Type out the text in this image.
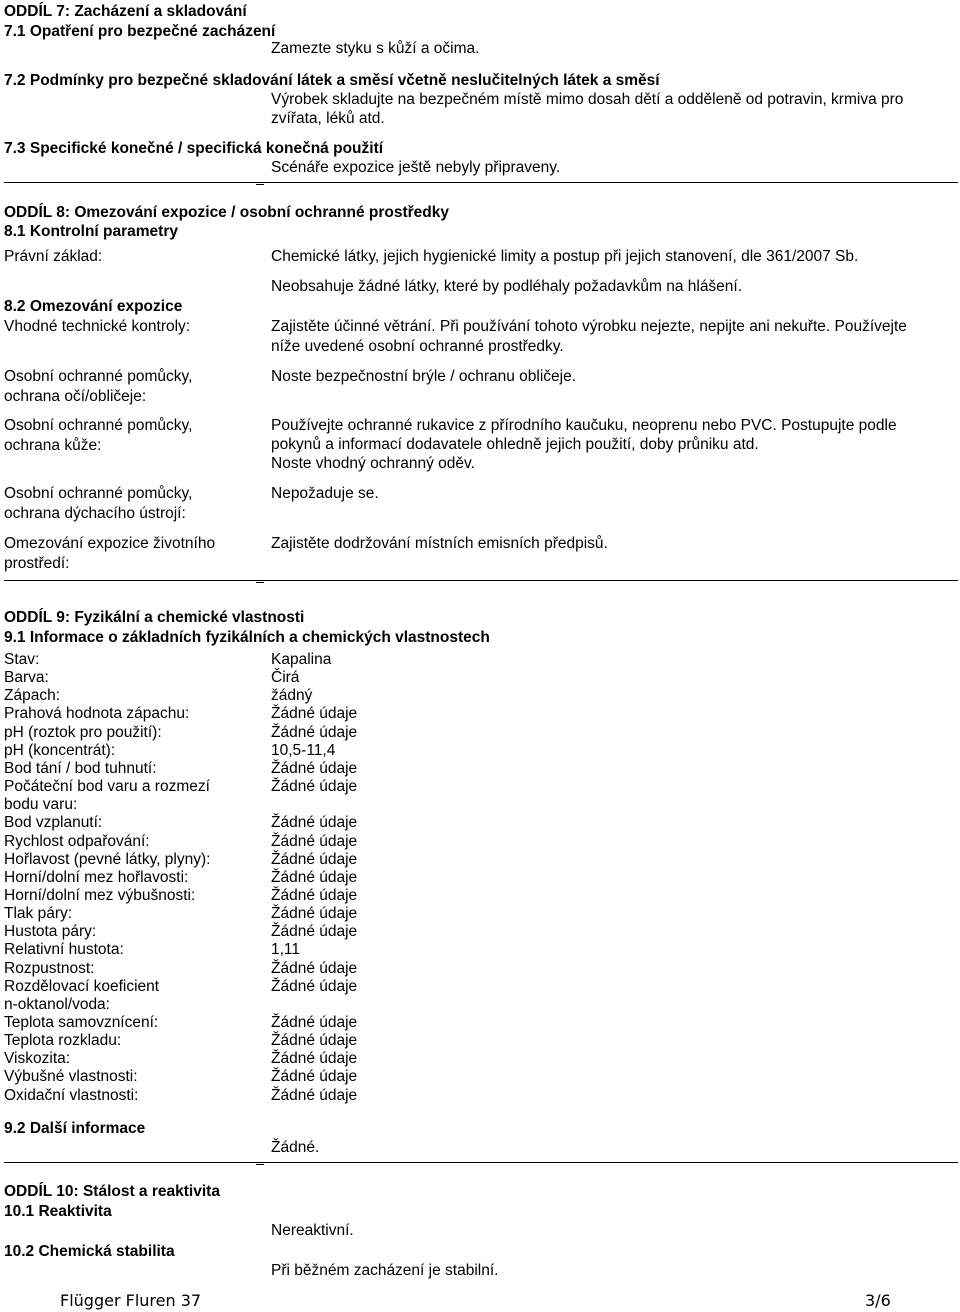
ODDÍL 7: Zacházení a skladování
7.1 Opatření pro bezpečné zacházení
Zamezte styku s kůží a očima.
7.2 Podmínky pro bezpečné skladování látek a směsí včetně neslučitelných látek a směsí
Výrobek skladujte na bezpečném místě mimo dosah dětí a odděleně od potravin, krmiva pro
zvířata, léků atd.
7.3 Specifické konečné / specifická konečná použití
Scénáře expozice ještě nebyly připraveny.
ODDÍL 8: Omezování expozice / osobní ochranné prostředky
8.1 Kontrolní parametry
Právní základ:	Chemické látky, jejich hygienické limity a postup při jejich stanovení, dle 361/2007 Sb.
Neobsahuje žádné látky, které by podléhaly požadavkům na hlášení.
8.2 Omezování expozice
Vhodné technické kontroly:	Zajistěte účinné větrání. Při používání tohoto výrobku nejezte, nepijte ani nekuřte. Používejte
níže uvedené osobní ochranné prostředky.
Osobní ochranné pomůcky,
ochrana očí/obličeje:
Noste bezpečnostní brýle / ochranu obličeje.
Osobní ochranné pomůcky,
ochrana kůže:
Používejte ochranné rukavice z přírodního kaučuku, neoprenu nebo PVC. Postupujte podle
pokynů a informací dodavatele ohledně jejich použití, doby průniku atd.
Noste vhodný ochranný oděv.
Osobní ochranné pomůcky,
ochrana dýchacího ústrojí:
Nepožaduje se.
Omezování expozice životního
prostředí:
Zajistěte dodržování místních emisních předpisů.
ODDÍL 9: Fyzikální a chemické vlastnosti
9.1 Informace o základních fyzikálních a chemických vlastnostech
Stav:	Kapalina
Barva:	Čirá
Zápach:	žádný
Prahová hodnota zápachu:	Žádné údaje
pH (roztok pro použití):	Žádné údaje
pH (koncentrát):	10,5-11,4
Bod tání / bod tuhnutí:	Žádné údaje
Počáteční bod varu a rozmezí	Žádné údaje
bodu varu:
Bod vzplanutí:	Žádné údaje
Rychlost odpařování:	Žádné údaje
Hořlavost (pevné látky, plyny):	Žádné údaje
Horní/dolní mez hořlavosti:	Žádné údaje
Horní/dolní mez výbušnosti:	Žádné údaje
Tlak páry:	Žádné údaje
Hustota páry:	Žádné údaje
Relativní hustota:	1,11
Rozpustnost:	Žádné údaje
Rozdělovací koeficient	Žádné údaje
n-oktanol/voda:
Teplota samovznícení:	Žádné údaje
Teplota rozkladu:	Žádné údaje
Viskozita:	Žádné údaje
Výbušné vlastnosti:	Žádné údaje
Oxidační vlastnosti:	Žádné údaje
9.2 Další informace
Žádné.
ODDÍL 10: Stálost a reaktivita
10.1 Reaktivita
Nereaktivní.
10.2 Chemická stabilita
Při běžném zacházení je stabilní.
Flügger Fluren 37	3/6
